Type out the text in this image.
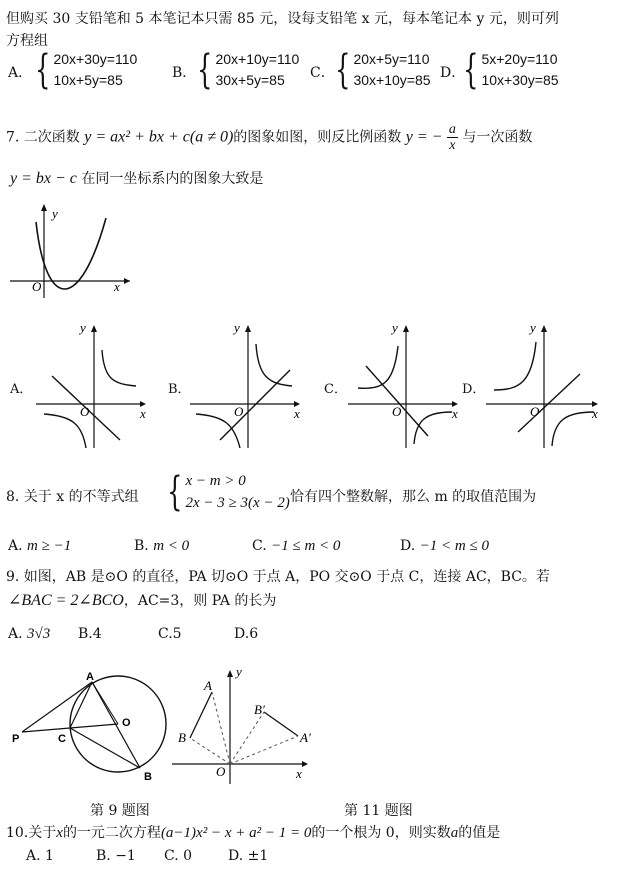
但购买 30 支铅笔和 5 本笔记本只需 85 元，设每支铅笔 x 元，每本笔记本 y 元，则可列
方程组
A． { 20x+30y=110
10x+5y=85	B． { 20x+10y=110
30x+5y=85	C． { 20x+5y=110
30x+10y=85 D．
{ 5x+20y=110
10x+30y=85
7. 二次函数 y = ax² + bx + c(a ≠ 0)的图象如图，则反比例函数 y = − $\frac{a}{x}$ 与一次函数
y = bx − c 在同一坐标系内的图象大致是
y
O	x
A．
y
O	x
B．
y
O	x
C．
y
O	x
D．
y
O	x
8. 关于 x 的不等式组 { x − m > 0
2x − 3 ≥ 3(x − 2) 恰有四个整数解，那么 m 的取值范围为
A. m ≥ −1	B. m < 0	C. −1 ≤ m < 0	D. −1 < m ≤ 0
9. 如图，AB 是⊙O 的直径，PA 切⊙O 于点 A，PO 交⊙O 于点 C，连接 AC，BC。若
∠BAC = 2∠BCO，AC=3，则 PA 的长为
A. 3√3 B.4	C.5	D.6
A
O
P	C
B
A
B
B′
A′
O	x
y
第 9 题图	第 11 题图
10.关于x的一元二次方程(a−1)x² − x + a² − 1 = 0的一个根为 0，则实数a的值是
A. 1	B. −1 C. 0	D. ±1
